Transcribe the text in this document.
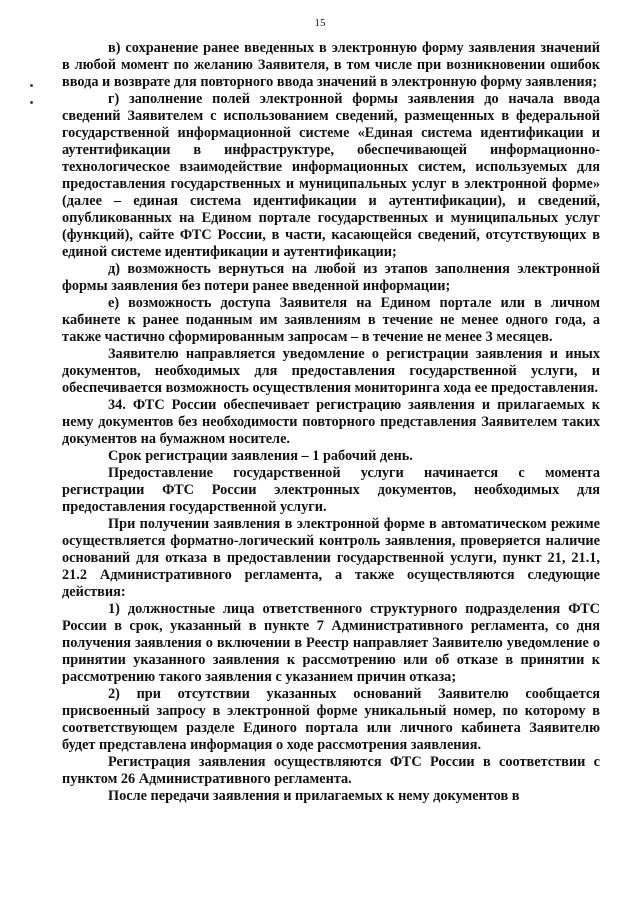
15

в) сохранение ранее введенных в электронную форму заявления значений в любой момент по желанию Заявителя, в том числе при возникновении ошибок ввода и возврате для повторного ввода значений в электронную форму заявления;

г) заполнение полей электронной формы заявления до начала ввода сведений Заявителем с использованием сведений, размещенных в федеральной государственной информационной системе «Единая система идентификации и аутентификации в инфраструктуре, обеспечивающей информационно-технологическое взаимодействие информационных систем, используемых для предоставления государственных и муниципальных услуг в электронной форме» (далее – единая система идентификации и аутентификации), и сведений, опубликованных на Едином портале государственных и муниципальных услуг (функций), сайте ФТС России, в части, касающейся сведений, отсутствующих в единой системе идентификации и аутентификации;

д) возможность вернуться на любой из этапов заполнения электронной формы заявления без потери ранее введенной информации;

е) возможность доступа Заявителя на Едином портале или в личном кабинете к ранее поданным им заявлениям в течение не менее одного года, а также частично сформированным запросам – в течение не менее 3 месяцев.

Заявителю направляется уведомление о регистрации заявления и иных документов, необходимых для предоставления государственной услуги, и обеспечивается возможность осуществления мониторинга хода ее предоставления.

34. ФТС России обеспечивает регистрацию заявления и прилагаемых к нему документов без необходимости повторного представления Заявителем таких документов на бумажном носителе.

Срок регистрации заявления – 1 рабочий день.

Предоставление государственной услуги начинается с момента регистрации ФТС России электронных документов, необходимых для предоставления государственной услуги.

При получении заявления в электронной форме в автоматическом режиме осуществляется форматно-логический контроль заявления, проверяется наличие оснований для отказа в предоставлении государственной услуги, пункт 21, 21.1, 21.2 Административного регламента, а также осуществляются следующие действия:

1) должностные лица ответственного структурного подразделения ФТС России в срок, указанный в пункте 7 Административного регламента, со дня получения заявления о включении в Реестр направляет Заявителю уведомление о принятии указанного заявления к рассмотрению или об отказе в принятии к рассмотрению такого заявления с указанием причин отказа;

2) при отсутствии указанных оснований Заявителю сообщается присвоенный запросу в электронной форме уникальный номер, по которому в соответствующем разделе Единого портала или личного кабинета Заявителю будет представлена информация о ходе рассмотрения заявления.

Регистрация заявления осуществляются ФТС России в соответствии с пунктом 26 Административного регламента.

После передачи заявления и прилагаемых к нему документов в
